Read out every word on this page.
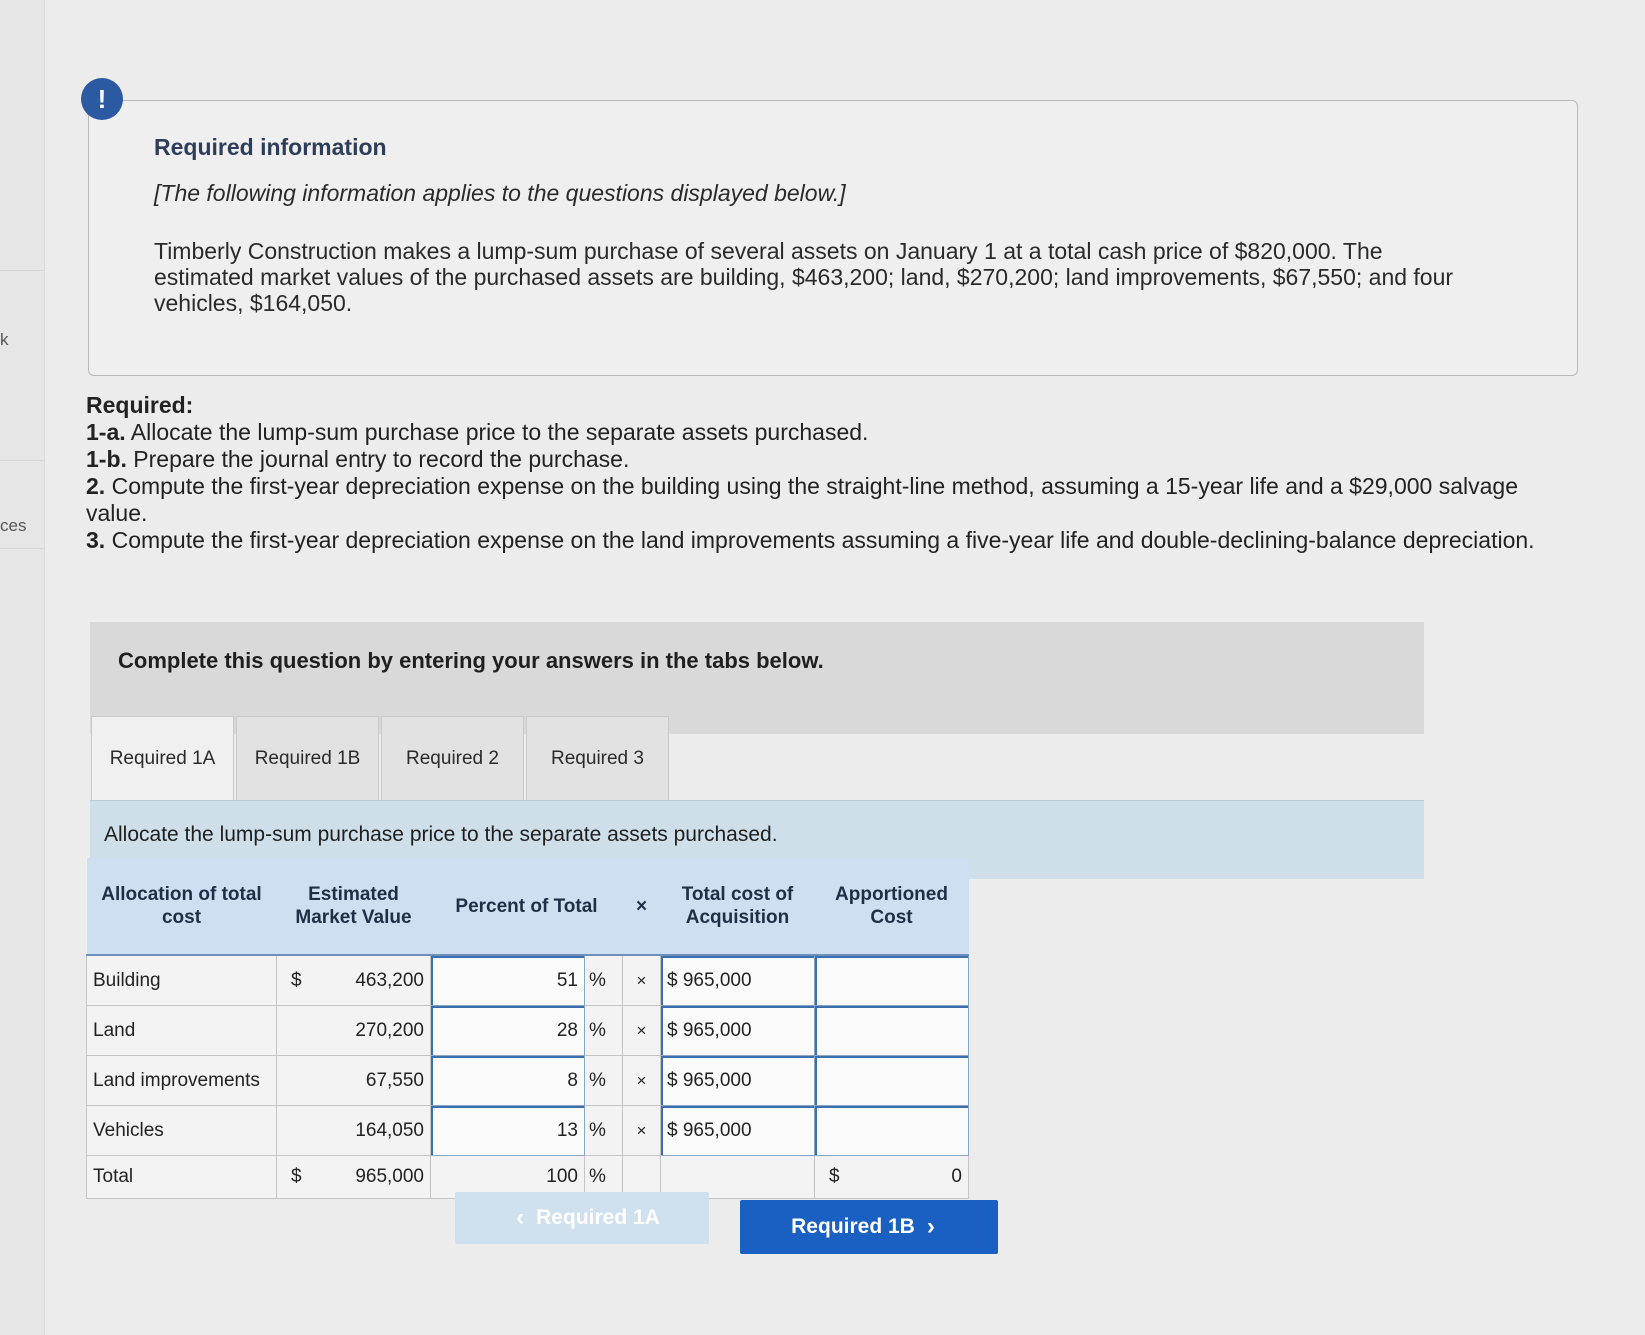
k
ces
!
Required information
[The following information applies to the questions displayed below.]
Timberly Construction makes a lump-sum purchase of several assets on January 1 at a total cash price of $820,000. The estimated market values of the purchased assets are building, $463,200; land, $270,200; land improvements, $67,550; and four vehicles, $164,050.
Required:
1-a. Allocate the lump-sum purchase price to the separate assets purchased.
1-b. Prepare the journal entry to record the purchase.
2. Compute the first-year depreciation expense on the building using the straight-line method, assuming a 15-year life and a $29,000 salvage value.
3. Compute the first-year depreciation expense on the land improvements assuming a five-year life and double-declining-balance depreciation.
Complete this question by entering your answers in the tabs below.
Required 1A	Required 1B	Required 2	Required 3
Allocate the lump-sum purchase price to the separate assets purchased.
Allocation of total cost	Estimated Market Value	Percent of Total		×	Total cost of Acquisition	Apportioned Cost
Building	$ 463,200	51	%	×	$ 965,000	
Land	270,200	28	%	×	$ 965,000	
Land improvements	67,550	8	%	×	$ 965,000	
Vehicles	164,050	13	%	×	$ 965,000	
Total	$ 965,000	100	%			$ 0
‹ Required 1A	Required 1B ›
